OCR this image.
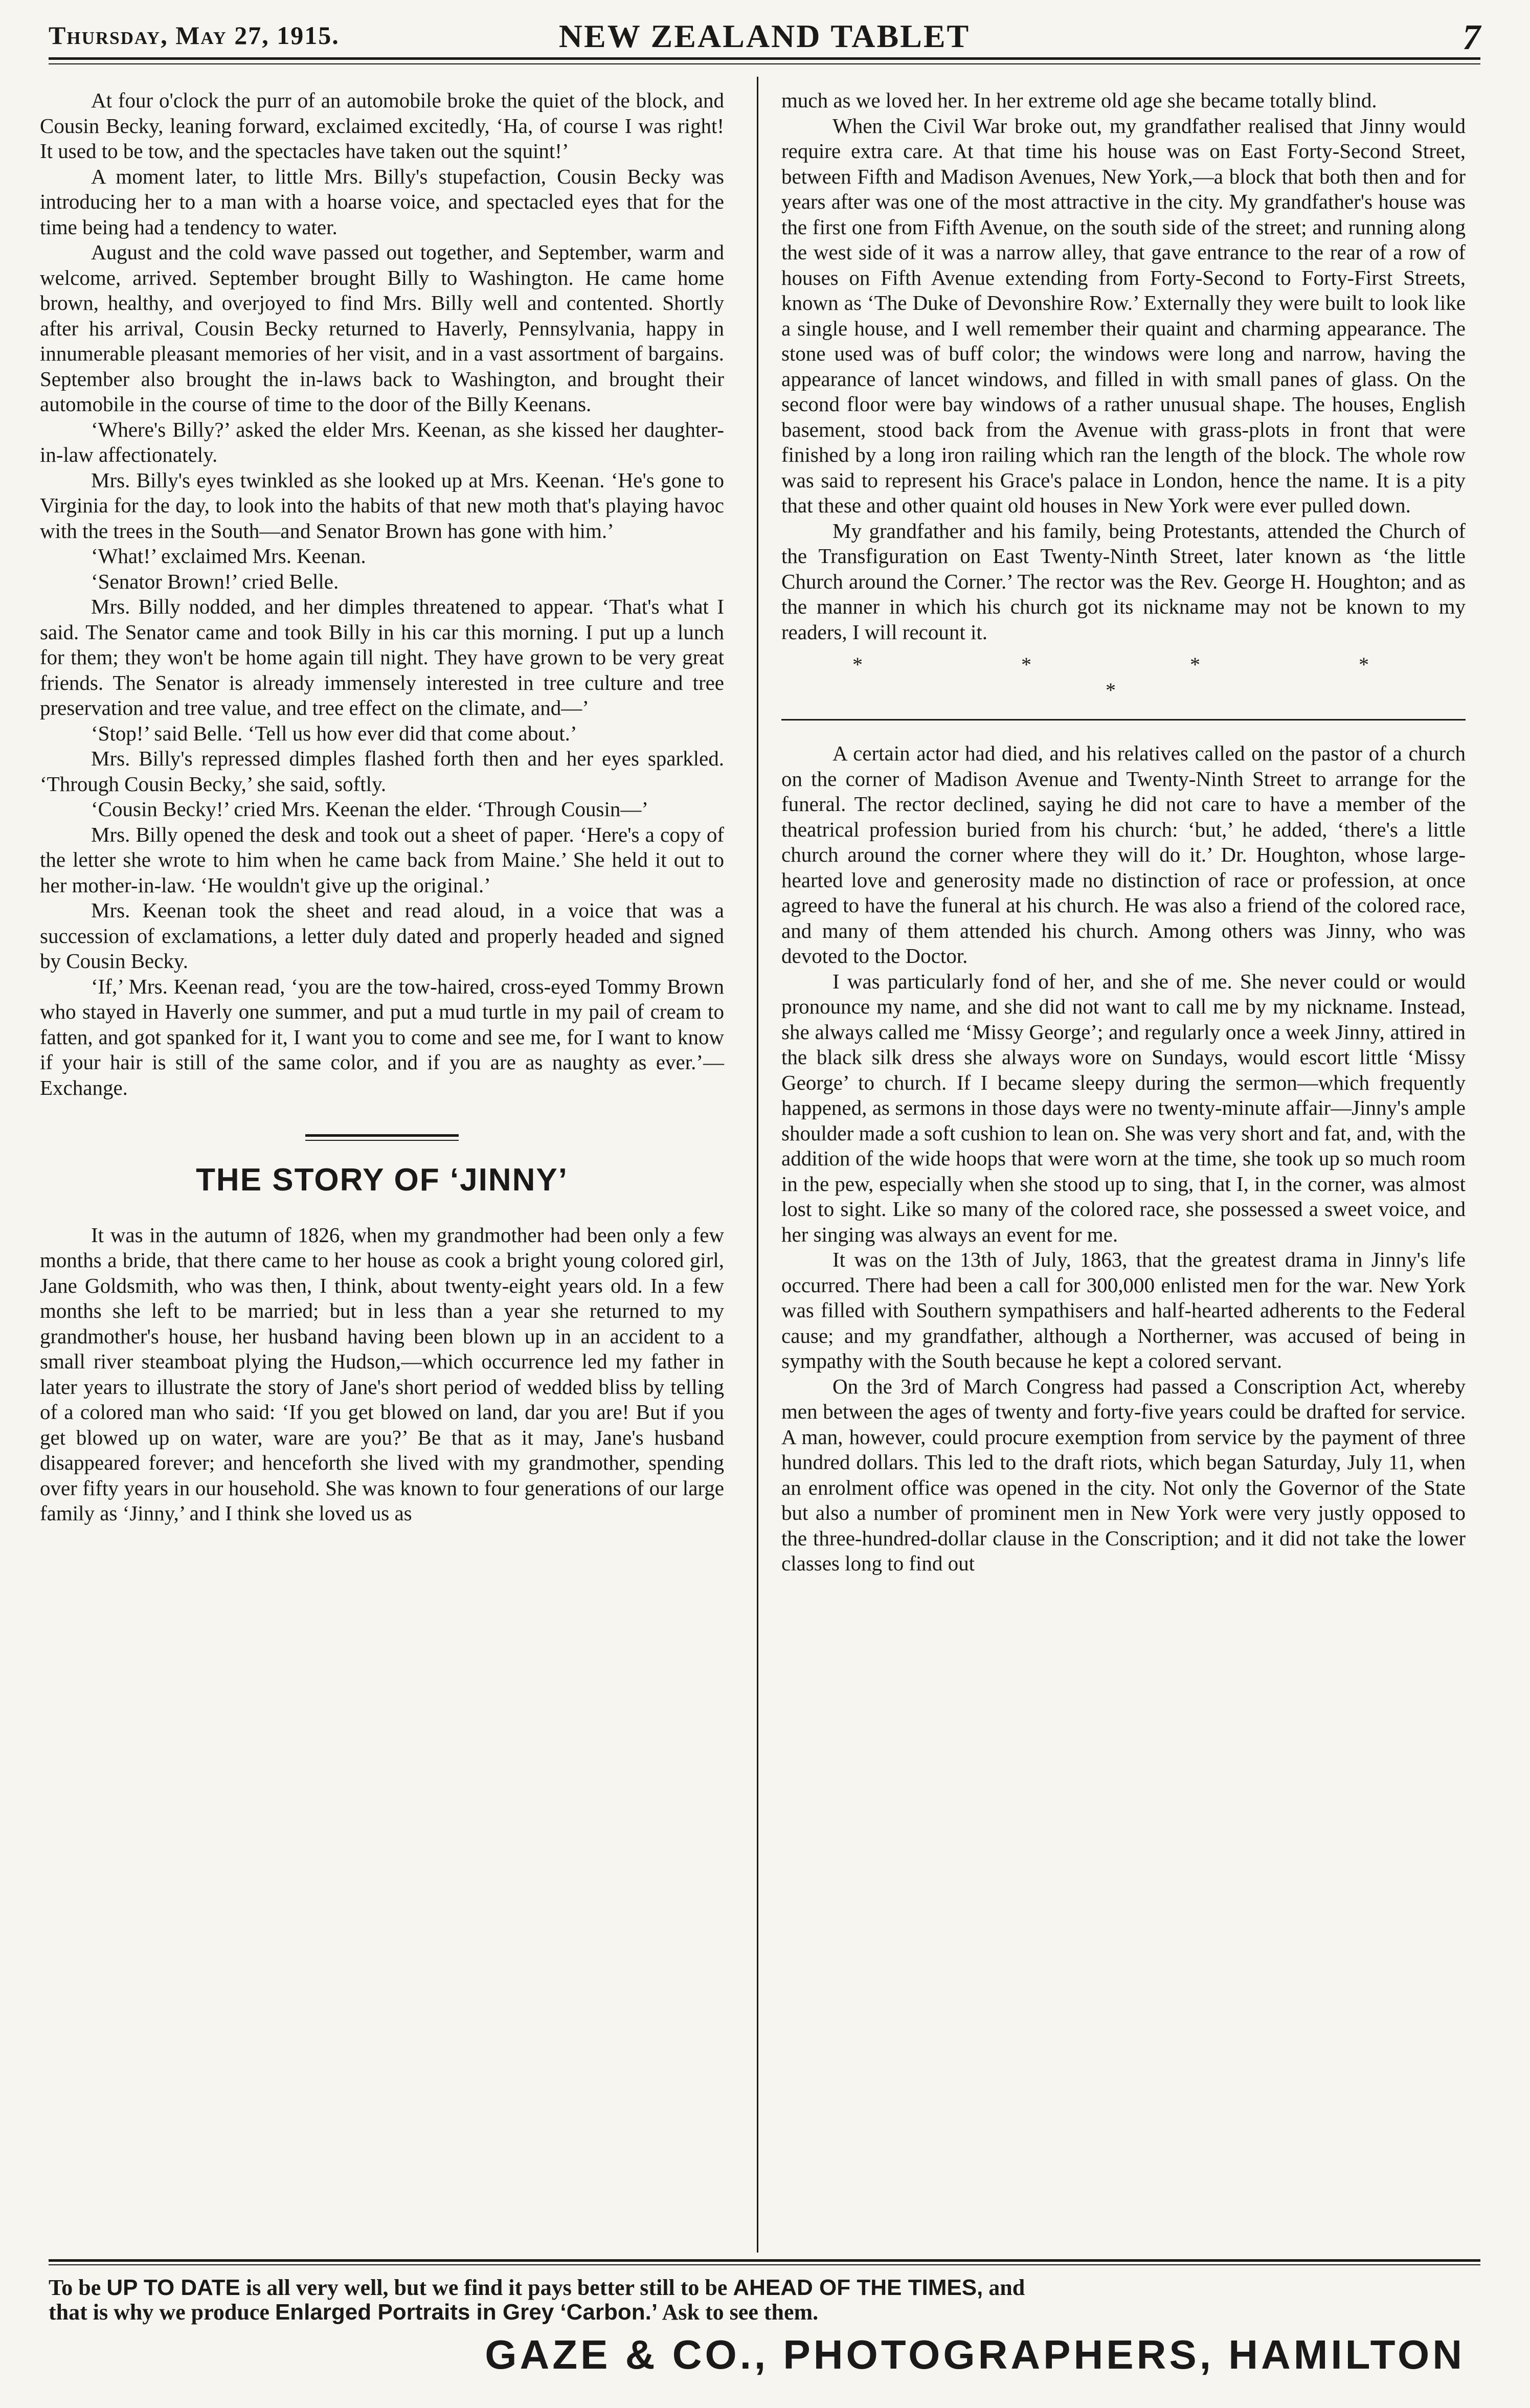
Thursday, May 27, 1915.	NEW ZEALAND TABLET	7

At four o'clock the purr of an automobile broke the quiet of the block, and Cousin Becky, leaning forward, exclaimed excitedly, ‘Ha, of course I was right! It used to be tow, and the spectacles have taken out the squint!’

A moment later, to little Mrs. Billy's stupefaction, Cousin Becky was introducing her to a man with a hoarse voice, and spectacled eyes that for the time being had a tendency to water.

August and the cold wave passed out together, and September, warm and welcome, arrived. September brought Billy to Washington. He came home brown, healthy, and overjoyed to find Mrs. Billy well and contented. Shortly after his arrival, Cousin Becky returned to Haverly, Pennsylvania, happy in innumerable pleasant memories of her visit, and in a vast assortment of bargains. September also brought the in-laws back to Washington, and brought their automobile in the course of time to the door of the Billy Keenans.

‘Where's Billy?’ asked the elder Mrs. Keenan, as she kissed her daughter-in-law affectionately.

Mrs. Billy's eyes twinkled as she looked up at Mrs. Keenan. ‘He's gone to Virginia for the day, to look into the habits of that new moth that's playing havoc with the trees in the South—and Senator Brown has gone with him.’

‘What!’ exclaimed Mrs. Keenan.

‘Senator Brown!’ cried Belle.

Mrs. Billy nodded, and her dimples threatened to appear. ‘That's what I said. The Senator came and took Billy in his car this morning. I put up a lunch for them; they won't be home again till night. They have grown to be very great friends. The Senator is already immensely interested in tree culture and tree preservation and tree value, and tree effect on the climate, and—’

‘Stop!’ said Belle. ‘Tell us how ever did that come about.’

Mrs. Billy's repressed dimples flashed forth then and her eyes sparkled. ‘Through Cousin Becky,’ she said, softly.

‘Cousin Becky!’ cried Mrs. Keenan the elder. ‘Through Cousin—’

Mrs. Billy opened the desk and took out a sheet of paper. ‘Here's a copy of the letter she wrote to him when he came back from Maine.’ She held it out to her mother-in-law. ‘He wouldn't give up the original.’

Mrs. Keenan took the sheet and read aloud, in a voice that was a succession of exclamations, a letter duly dated and properly headed and signed by Cousin Becky.

‘If,’ Mrs. Keenan read, ‘you are the tow-haired, cross-eyed Tommy Brown who stayed in Haverly one summer, and put a mud turtle in my pail of cream to fatten, and got spanked for it, I want you to come and see me, for I want to know if your hair is still of the same color, and if you are as naughty as ever.’—Exchange.

THE STORY OF ‘JINNY’

It was in the autumn of 1826, when my grandmother had been only a few months a bride, that there came to her house as cook a bright young colored girl, Jane Goldsmith, who was then, I think, about twenty-eight years old. In a few months she left to be married; but in less than a year she returned to my grandmother's house, her husband having been blown up in an accident to a small river steamboat plying the Hudson,—which occurrence led my father in later years to illustrate the story of Jane's short period of wedded bliss by telling of a colored man who said: ‘If you get blowed on land, dar you are! But if you get blowed up on water, ware are you?’ Be that as it may, Jane's husband disappeared forever; and henceforth she lived with my grandmother, spending over fifty years in our household. She was known to four generations of our large family as ‘Jinny,’ and I think she loved us as

much as we loved her. In her extreme old age she became totally blind.

When the Civil War broke out, my grandfather realised that Jinny would require extra care. At that time his house was on East Forty-Second Street, between Fifth and Madison Avenues, New York,—a block that both then and for years after was one of the most attractive in the city. My grandfather's house was the first one from Fifth Avenue, on the south side of the street; and running along the west side of it was a narrow alley, that gave entrance to the rear of a row of houses on Fifth Avenue extending from Forty-Second to Forty-First Streets, known as ‘The Duke of Devonshire Row.’ Externally they were built to look like a single house, and I well remember their quaint and charming appearance. The stone used was of buff color; the windows were long and narrow, having the appearance of lancet windows, and filled in with small panes of glass. On the second floor were bay windows of a rather unusual shape. The houses, English basement, stood back from the Avenue with grass-plots in front that were finished by a long iron railing which ran the length of the block. The whole row was said to represent his Grace's palace in London, hence the name. It is a pity that these and other quaint old houses in New York were ever pulled down.

My grandfather and his family, being Protestants, attended the Church of the Transfiguration on East Twenty-Ninth Street, later known as ‘the little Church around the Corner.’ The rector was the Rev. George H. Houghton; and as the manner in which his church got its nickname may not be known to my readers, I will recount it.

* * * * *

A certain actor had died, and his relatives called on the pastor of a church on the corner of Madison Avenue and Twenty-Ninth Street to arrange for the funeral. The rector declined, saying he did not care to have a member of the theatrical profession buried from his church: ‘but,’ he added, ‘there's a little church around the corner where they will do it.’ Dr. Houghton, whose large-hearted love and generosity made no distinction of race or profession, at once agreed to have the funeral at his church. He was also a friend of the colored race, and many of them attended his church. Among others was Jinny, who was devoted to the Doctor.

I was particularly fond of her, and she of me. She never could or would pronounce my name, and she did not want to call me by my nickname. Instead, she always called me ‘Missy George’; and regularly once a week Jinny, attired in the black silk dress she always wore on Sundays, would escort little ‘Missy George’ to church. If I became sleepy during the sermon—which frequently happened, as sermons in those days were no twenty-minute affair—Jinny's ample shoulder made a soft cushion to lean on. She was very short and fat, and, with the addition of the wide hoops that were worn at the time, she took up so much room in the pew, especially when she stood up to sing, that I, in the corner, was almost lost to sight. Like so many of the colored race, she possessed a sweet voice, and her singing was always an event for me.

It was on the 13th of July, 1863, that the greatest drama in Jinny's life occurred. There had been a call for 300,000 enlisted men for the war. New York was filled with Southern sympathisers and half-hearted adherents to the Federal cause; and my grandfather, although a Northerner, was accused of being in sympathy with the South because he kept a colored servant.

On the 3rd of March Congress had passed a Conscription Act, whereby men between the ages of twenty and forty-five years could be drafted for service. A man, however, could procure exemption from service by the payment of three hundred dollars. This led to the draft riots, which began Saturday, July 11, when an enrolment office was opened in the city. Not only the Governor of the State but also a number of prominent men in New York were very justly opposed to the three-hundred-dollar clause in the Conscription; and it did not take the lower classes long to find out

To be UP TO DATE is all very well, but we find it pays better still to be AHEAD OF THE TIMES, and
that is why we produce Enlarged Portraits in Grey ‘Carbon.’ Ask to see them.
GAZE & CO., PHOTOGRAPHERS, HAMILTON
